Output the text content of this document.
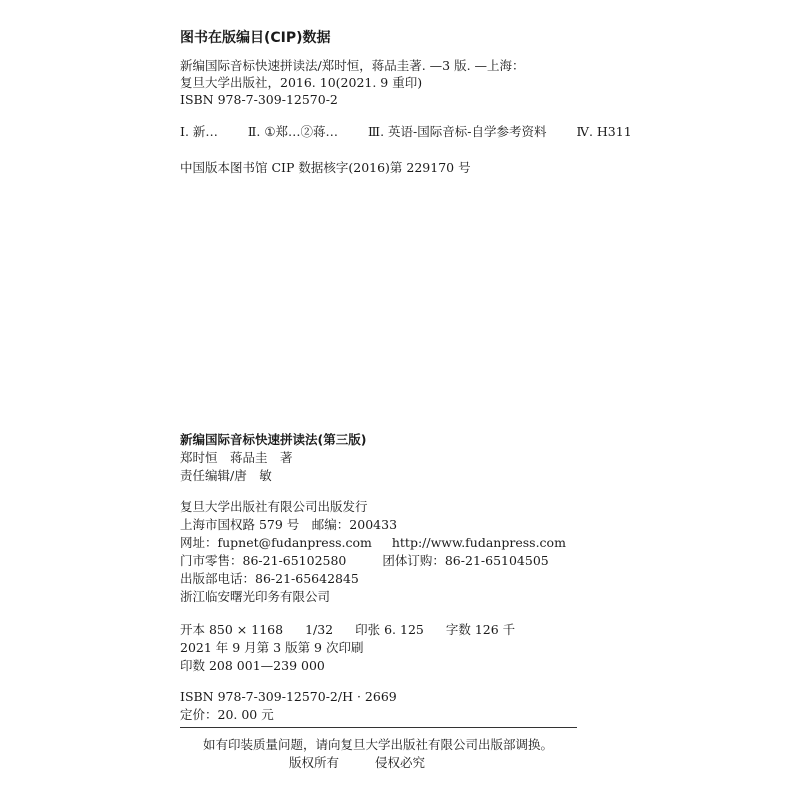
图书在版编目(CIP)数据
新编国际音标快速拼读法/郑时恒，蒋品圭著. —3 版. —上海：
复旦大学出版社，2016. 10(2021. 9 重印)
ISBN 978-7-309-12570-2
Ⅰ. 新… Ⅱ. ①郑…②蒋… Ⅲ. 英语-国际音标-自学参考资料 Ⅳ. H311
中国版本图书馆 CIP 数据核字(2016)第 229170 号
新编国际音标快速拼读法(第三版)
郑时恒　蒋品圭　著
责任编辑/唐　敏
复旦大学出版社有限公司出版发行
上海市国权路 579 号　邮编：200433
网址：fupnet@fudanpress.com http://www.fudanpress.com
门市零售：86-21-65102580	团体订购：86-21-65104505
出版部电话：86-21-65642845
浙江临安曙光印务有限公司
开本 850 × 1168 1/32 印张 6. 125 字数 126 千
2021 年 9 月第 3 版第 9 次印刷
印数 208 001—239 000
ISBN 978-7-309-12570-2/H · 2669
定价：20. 00 元
如有印装质量问题，请向复旦大学出版社有限公司出版部调换。
版权所有	侵权必究
